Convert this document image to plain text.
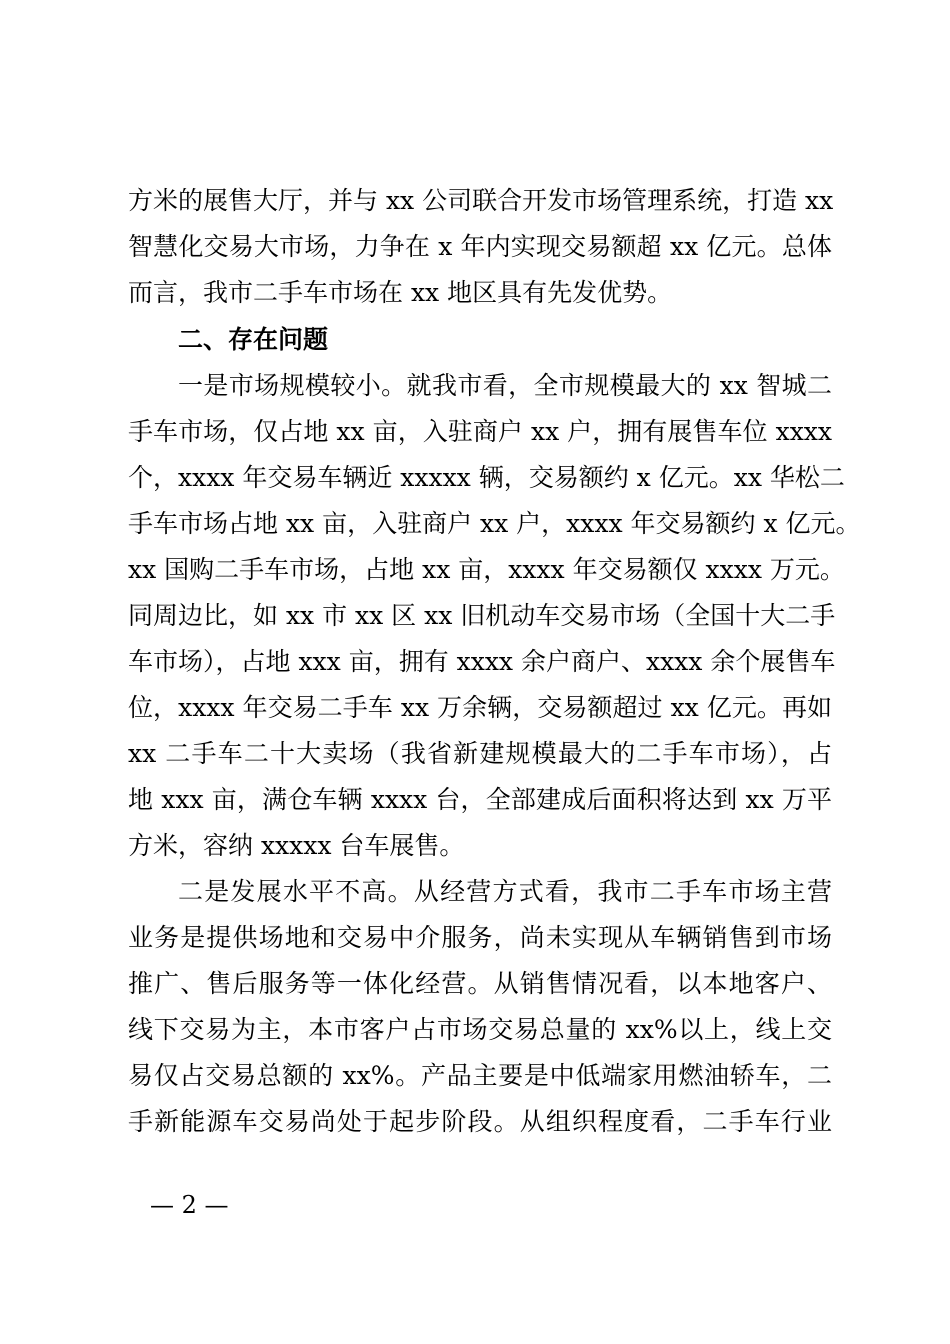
方米的展售大厅，并与 xx 公司联合开发市场管理系统，打造 xx
智慧化交易大市场，力争在 x 年内实现交易额超 xx 亿元。总体
而言，我市二手车市场在 xx 地区具有先发优势。
二、存在问题
一是市场规模较小。就我市看，全市规模最大的 xx 智城二
手车市场，仅占地 xx 亩，入驻商户 xx 户，拥有展售车位 xxxx
个，xxxx 年交易车辆近 xxxxx 辆，交易额约 x 亿元。xx 华松二
手车市场占地 xx 亩，入驻商户 xx 户，xxxx 年交易额约 x 亿元。
xx 国购二手车市场，占地 xx 亩，xxxx 年交易额仅 xxxx 万元。
同周边比，如 xx 市 xx 区 xx 旧机动车交易市场（全国十大二手
车市场），占地 xxx 亩，拥有 xxxx 余户商户、xxxx 余个展售车
位，xxxx 年交易二手车 xx 万余辆，交易额超过 xx 亿元。再如
xx 二手车二十大卖场（我省新建规模最大的二手车市场），占
地 xxx 亩，满仓车辆 xxxx 台，全部建成后面积将达到 xx 万平
方米，容纳 xxxxx 台车展售。
二是发展水平不高。从经营方式看，我市二手车市场主营
业务是提供场地和交易中介服务，尚未实现从车辆销售到市场
推广、售后服务等一体化经营。从销售情况看，以本地客户、
线下交易为主，本市客户占市场交易总量的 xx%以上，线上交
易仅占交易总额的 xx%。产品主要是中低端家用燃油轿车，二
手新能源车交易尚处于起步阶段。从组织程度看，二手车行业
— 2 —
